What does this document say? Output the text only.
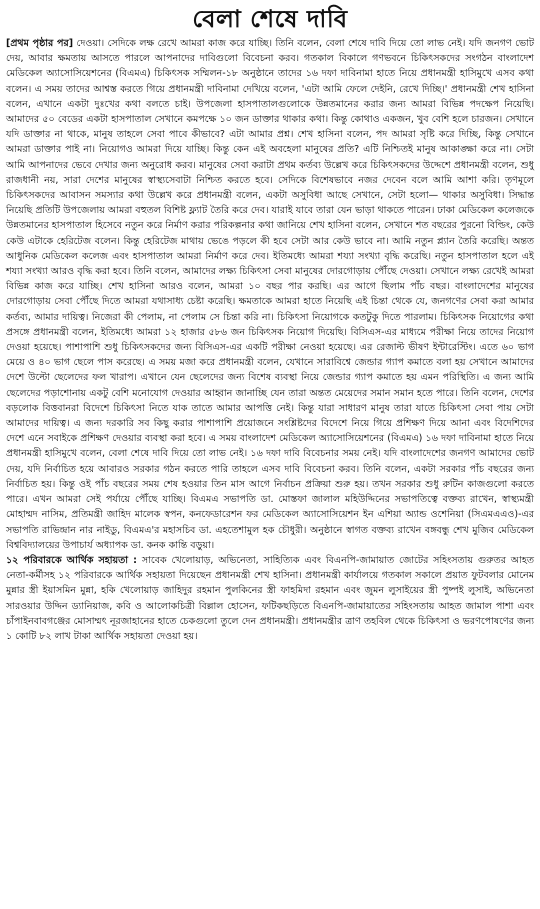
বেলা শেষে দাবি

[প্রথম পৃষ্ঠার পর] দেওয়া। সেদিকে লক্ষ রেখে আমরা কাজ করে যাচ্ছি। তিনি বলেন, বেলা শেষে দাবি দিয়ে তো লাভ নেই। যদি জনগণ ভোট দেয়, আবার ক্ষমতায় আসতে পারলে আপনাদের দাবিগুলো বিবেচনা করব। গতকাল বিকালে গণভবনে চিকিৎসকদের সংগঠন বাংলাদেশ মেডিকেল অ্যাসোসিয়েশনের (বিএমএ) চিকিৎসক সম্মিলন-১৮ অনুষ্ঠানে তাদের ১৬ দফা দাবিনামা হাতে নিয়ে প্রধানমন্ত্রী হাসিমুখে এসব কথা বলেন। এ সময় তাদের আশ্বস্ত করতে গিয়ে প্রধানমন্ত্রী দাবিনামা দেখিয়ে বলেন, 'এটা আমি ফেলে দেইনি, রেখে দিচ্ছি।' প্রধানমন্ত্রী শেখ হাসিনা বলেন, এখানে একটা দুঃখের কথা বলতে চাই। উপজেলা হাসপাতালগুলোকে উন্নতমানের করার জন্য আমরা বিভিন্ন পদক্ষেপ নিয়েছি। আমাদের ৫০ বেডের একটা হাসপাতাল সেখানে কমপক্ষে ১০ জন ডাক্তার থাকার কথা। কিন্তু কোথাও একজন, খুব বেশি হলে চারজন। সেখানে যদি ডাক্তার না থাকে, মানুষ তাহলে সেবা পাবে কীভাবে? এটা আমার প্রশ্ন। শেখ হাসিনা বলেন, পদ আমরা সৃষ্টি করে দিচ্ছি, কিন্তু সেখানে আমরা ডাক্তার পাই না। নিয়োগও আমরা দিয়ে যাচ্ছি। কিন্তু কেন এই অবহেলা মানুষের প্রতি? এটি নিশ্চিতই মানুষ আকাঙ্ক্ষা করে না। সেটা আমি আপনাদের ভেবে দেখার জন্য অনুরোধ করব। মানুষের সেবা করাটা প্রথম কর্তব্য উল্লেখ করে চিকিৎসকদের উদ্দেশে প্রধানমন্ত্রী বলেন, শুধু রাজধানী নয়, সারা দেশের মানুষের স্বাস্থ্যসেবাটা নিশ্চিত করতে হবে। সেদিকে বিশেষভাবে নজর দেবেন বলে আমি আশা করি। তৃণমূলে চিকিৎসকদের আবাসন সমস্যার কথা উল্লেখ করে প্রধানমন্ত্রী বলেন, একটা অসুবিধা আছে সেখানে, সেটা হলো— থাকার অসুবিধা। সিদ্ধান্ত নিয়েছি প্রতিটি উপজেলায় আমরা বহুতল বিশিষ্ট ফ্ল্যাট তৈরি করে দেব। যারাই যাবে তারা যেন ভাড়া থাকতে পারেন। ঢাকা মেডিকেল কলেজকে উন্নতমানের হাসপাতাল হিসেবে নতুন করে নির্মাণ করার পরিকল্পনার কথা জানিয়ে শেখ হাসিনা বলেন, সেখানে শত বছরের পুরনো বিল্ডিং, কেউ কেউ এটাকে হেরিটেজ বলেন। কিন্তু হেরিটেজ মাথায় ভেঙে পড়লে কী হবে সেটা আর কেউ ভাবে না। আমি নতুন প্ল্যান তৈরি করেছি। অন্তত আধুনিক মেডিকেল কলেজ এবং হাসপাতাল আমরা নির্মাণ করে দেব। ইতিমধ্যে আমরা শয্যা সংখ্যা বৃদ্ধি করেছি। নতুন হাসপাতাল হলে এই শয্যা সংখ্যা আরও বৃদ্ধি করা হবে। তিনি বলেন, আমাদের লক্ষ্য চিকিৎসা সেবা মানুষের দোরগোড়ায় পৌঁছে দেওয়া। সেখানে লক্ষ্য রেখেই আমরা বিভিন্ন কাজ করে যাচ্ছি। শেখ হাসিনা আরও বলেন, আমরা ১০ বছর পার করছি। এর আগে ছিলাম পাঁচ বছর। বাংলাদেশের মানুষের দোরগোড়ায় সেবা পৌঁছে দিতে আমরা যথাসাধ্য চেষ্টা করেছি। ক্ষমতাকে আমরা হাতে নিয়েছি এই চিন্তা থেকে যে, জনগণের সেবা করা আমার কর্তব্য, আমার দায়িত্ব। নিজেরা কী পেলাম, না পেলাম সে চিন্তা করি না। চিকিৎসা নিয়োগকে কতটুকু দিতে পারলাম। চিকিৎসক নিয়োগের কথা প্রসঙ্গে প্রধানমন্ত্রী বলেন, ইতিমধ্যে আমরা ১২ হাজার ৫৮৬ জন চিকিৎসক নিয়োগ দিয়েছি। বিসিএস-এর মাধ্যমে পরীক্ষা নিয়ে তাদের নিয়োগ দেওয়া হয়েছে। পাশাপাশি শুধু চিকিৎসকদের জন্য বিসিএস-এর একটি পরীক্ষা নেওয়া হয়েছে। এর রেজাল্ট ভীষণ ইন্টারেস্টিং। এতে ৬০ ভাগ মেয়ে ও ৪০ ভাগ ছেলে পাস করেছে। এ সময় মজা করে প্রধানমন্ত্রী বলেন, যেখানে সারাবিশ্বে জেন্ডার গ্যাপ কমাতে বলা হয় সেখানে আমাদের দেশে উল্টো ছেলেদের ফল খারাপ। এখানে যেন ছেলেদের জন্য বিশেষ ব্যবস্থা নিয়ে জেন্ডার গ্যাপ কমাতে হয় এমন পরিস্থিতি। এ জন্য আমি ছেলেদের পড়াশোনায় একটু বেশি মনোযোগ দেওয়ার আহ্বান জানাচ্ছি যেন তারা অন্তত মেয়েদের সমান সমান হতে পারে। তিনি বলেন, দেশের বড়লোক বিত্তবানরা বিদেশে চিকিৎসা নিতে যাক তাতে আমার আপত্তি নেই। কিন্তু যারা সাধারণ মানুষ তারা যাতে চিকিৎসা সেবা পায় সেটা আমাদের দায়িত্ব। এ জন্য দরকারি সব কিছু করার পাশাপাশি প্রয়োজনে সংশ্লিষ্টদের বিদেশে নিয়ে গিয়ে প্রশিক্ষণ দিয়ে আনা এবং বিদেশিদের দেশে এনে সবাইকে প্রশিক্ষণ দেওয়ার ব্যবস্থা করা হবে। এ সময় বাংলাদেশ মেডিকেল অ্যাসোসিয়েশনের (বিএমএ) ১৬ দফা দাবিনামা হাতে নিয়ে প্রধানমন্ত্রী হাসিমুখে বলেন, বেলা শেষে দাবি দিয়ে তো লাভ নেই। ১৬ দফা দাবি বিবেচনার সময় নেই। যদি বাংলাদেশের জনগণ আমাদের ভোট দেয়, যদি নির্বাচিত হয়ে আবারও সরকার গঠন করতে পারি তাহলে এসব দাবি বিবেচনা করব। তিনি বলেন, একটা সরকার পাঁচ বছরের জন্য নির্বাচিত হয়। কিন্তু ওই পাঁচ বছরের সময় শেষ হওয়ার তিন মাস আগে নির্বাচন প্রক্রিয়া শুরু হয়। তখন সরকার শুধু রুটিন কাজগুলো করতে পারে। এখন আমরা সেই পর্যায়ে পৌঁছে যাচ্ছি। বিএমএ সভাপতি ডা. মোস্তফা জালাল মহিউদ্দিনের সভাপতিত্বে বক্তব্য রাখেন, স্বাস্থ্যমন্ত্রী মোহাম্মদ নাসিম, প্রতিমন্ত্রী জাহিদ মালেক স্বপন, কনফেডারেশন ফর মেডিকেল অ্যাসোসিয়েশন ইন এশিয়া অ্যান্ড ওশেনিয়া (সিএমএএও)-এর সভাপতি রাভিন্দ্রান নার নাইডু, বিএমএ'র মহাসচিব ডা. এহতেশামুল হক চৌধুরী। অনুষ্ঠানে স্বাগত বক্তব্য রাখেন বঙ্গবন্ধু শেখ মুজিব মেডিকেল বিশ্ববিদ্যালয়ের উপাচার্য অধ্যাপক ডা. কনক কান্তি বড়ুয়া।

১২ পরিবারকে আর্থিক সহায়তা : সাবেক খেলোয়াড়, অভিনেতা, সাহিত্যিক এবং বিএনপি-জামায়াত জোটের সহিংসতায় গুরুতর আহত নেতা-কর্মীসহ ১২ পরিবারকে আর্থিক সহায়তা দিয়েছেন প্রধানমন্ত্রী শেখ হাসিনা। প্রধানমন্ত্রী কার্যালয়ে গতকাল সকালে প্রয়াত ফুটবলার মোনেম মুন্নার স্ত্রী ইয়াসমিন মুন্না, হকি খেলোয়াড় জাহিদুর রহমান পুলকিনের স্ত্রী ফাহমিদা রহমান এবং জুমন লুসাইয়ের স্ত্রী পুষ্পই লুসাই, অভিনেতা সারওয়ার উদ্দিন ড্যানিয়াজ, কবি ও আলোকচিত্রী বিল্লাল হোসেন, ফটিকছড়িতে বিএনপি-জামায়াতের সহিংসতায় আহত জামাল পাশা এবং চাঁপাইনবাবগঞ্জের মোসাম্মৎ নূরজাহানের হাতে চেকগুলো তুলে দেন প্রধানমন্ত্রী। প্রধানমন্ত্রীর ত্রাণ তহবিল থেকে চিকিৎসা ও ভরণপোষণের জন্য ১ কোটি ৮২ লাখ টাকা আর্থিক সহায়তা দেওয়া হয়।
